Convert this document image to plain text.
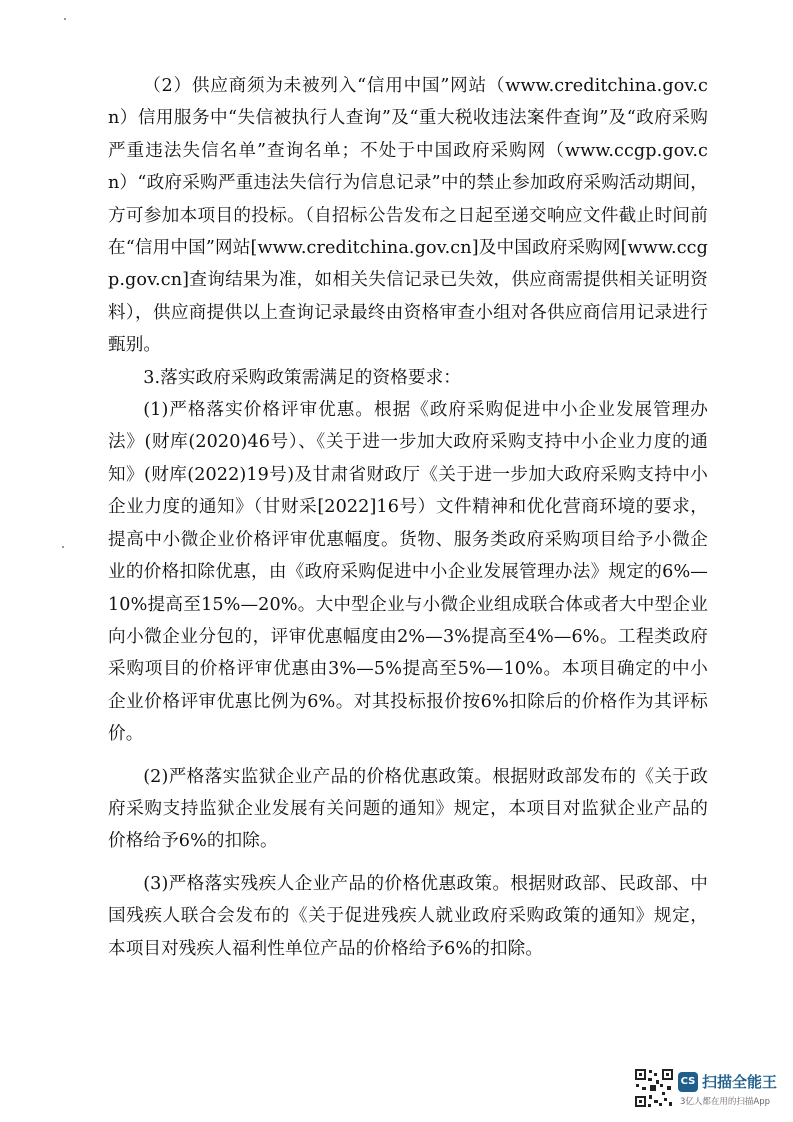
（2）供应商须为未被列入“信用中国”网站（www.creditchina.gov.cn）信用服务中“失信被执行人查询”及“重大税收违法案件查询”及“政府采购严重违法失信名单”查询名单；不处于中国政府采购网（www.ccgp.gov.cn）“政府采购严重违法失信行为信息记录”中的禁止参加政府采购活动期间，方可参加本项目的投标。（自招标公告发布之日起至递交响应文件截止时间前在“信用中国”网站[www.creditchina.gov.cn]及中国政府采购网[www.ccgp.gov.cn]查询结果为准，如相关失信记录已失效，供应商需提供相关证明资料），供应商提供以上查询记录最终由资格审查小组对各供应商信用记录进行甄别。

3.落实政府采购政策需满足的资格要求：

(1)严格落实价格评审优惠。根据《政府采购促进中小企业发展管理办法》(财库(2020)46号）、《关于进一步加大政府采购支持中小企业力度的通知》(财库(2022)19号)及甘肃省财政厅《关于进一步加大政府采购支持中小企业力度的通知》（甘财采[2022]16号）文件精神和优化营商环境的要求，提高中小微企业价格评审优惠幅度。货物、服务类政府采购项目给予小微企业的价格扣除优惠，由《政府采购促进中小企业发展管理办法》规定的6%—10%提高至15%—20%。大中型企业与小微企业组成联合体或者大中型企业向小微企业分包的，评审优惠幅度由2%—3%提高至4%—6%。工程类政府采购项目的价格评审优惠由3%—5%提高至5%—10%。本项目确定的中小企业价格评审优惠比例为6%。对其投标报价按6%扣除后的价格作为其评标价。

(2)严格落实监狱企业产品的价格优惠政策。根据财政部发布的《关于政府采购支持监狱企业发展有关问题的通知》规定，本项目对监狱企业产品的价格给予6%的扣除。

(3)严格落实残疾人企业产品的价格优惠政策。根据财政部、民政部、中国残疾人联合会发布的《关于促进残疾人就业政府采购政策的通知》规定，本项目对残疾人福利性单位产品的价格给予6%的扣除。

CS 扫描全能王
3亿人都在用的扫描App
